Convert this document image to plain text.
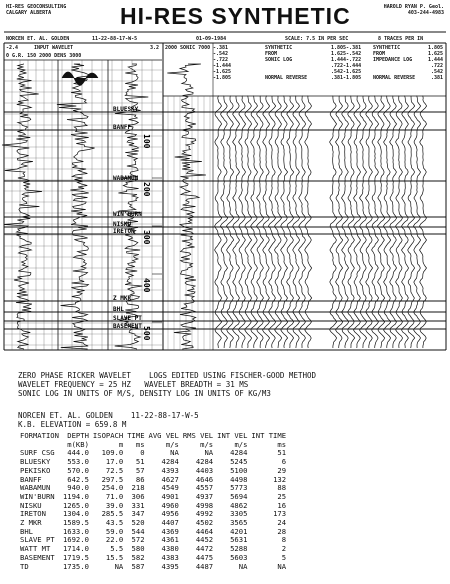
HI-RES GEOCONSULTING
CALGARY ALBERTA	HI-RES SYNTHETIC	HAROLD RYAN P. Geol.
403-244-4983
NORCEN ET. AL. GOLDEN	11-22-88-17-W-5	01-09-1984	SCALE: 7.5 IN PER SEC	8 TRACES PER IN
-2.4	INPUT WAVELET	3.2
0 G.R. 150 2000 DENS 3000
2000 SONIC 7000 -.381	SYNTHETIC	1.805-.381 SYNTHETIC	1.805
-.542	FROM	1.625-.542 FROM	1.625
-.722	SONIC LOG	1.444-.722 IMPEDANCE LOG	1.444
-1.444	.722-1.444	.722
-1.625	.542-1.625	.542
-1.805	NORMAL REVERSE	.381-1.805 NORMAL REVERSE	.381
100
200
300
400
500
BLUESKY
BANFF
WABAMUN
WIN'BURN
NISKU
IRETON
Z MKR
BHL
SLAVE PT
BASEMENT
ZERO PHASE RICKER WAVELET    LOGS EDITED USING FISCHER-GOOD METHOD
WAVELET FREQUENCY = 25 HZ   WAVELET BREADTH = 31 MS
SONIC LOG IN UNITS OF M/S, DENSITY LOG IN UNITS OF KG/M3
NORCEN ET. AL. GOLDEN    11-22-88-17-W-5
K.B. ELEVATION = 659.8 M
FORMATION	DEPTH	ISOPACH	TIME	AVG VEL	RMS VEL	INT VEL	INT TIME
	m(KB)	m	ms	m/s	m/s	m/s	ms
SURF CSG	444.0	109.0	0	NA	NA	4284	51
BLUESKY	553.0	17.0	51	4284	4284	5245	6
PEKISKO	570.0	72.5	57	4393	4403	5100	29
BANFF	642.5	297.5	86	4627	4646	4498	132
WABAMUN	940.0	254.0	218	4549	4557	5773	88
WIN'BURN	1194.0	71.0	306	4901	4937	5694	25
NISKU	1265.0	39.0	331	4960	4998	4862	16
IRETON	1304.0	285.5	347	4956	4992	3305	173
Z MKR	1589.5	43.5	520	4407	4502	3565	24
BHL	1633.0	59.0	544	4369	4464	4201	28
SLAVE PT	1692.0	22.0	572	4361	4452	5631	8
WATT MT	1714.0	5.5	580	4380	4472	5288	2
BASEMENT	1719.5	15.5	582	4383	4475	5603	5
TD	1735.0	NA	587	4395	4487	NA	NA
